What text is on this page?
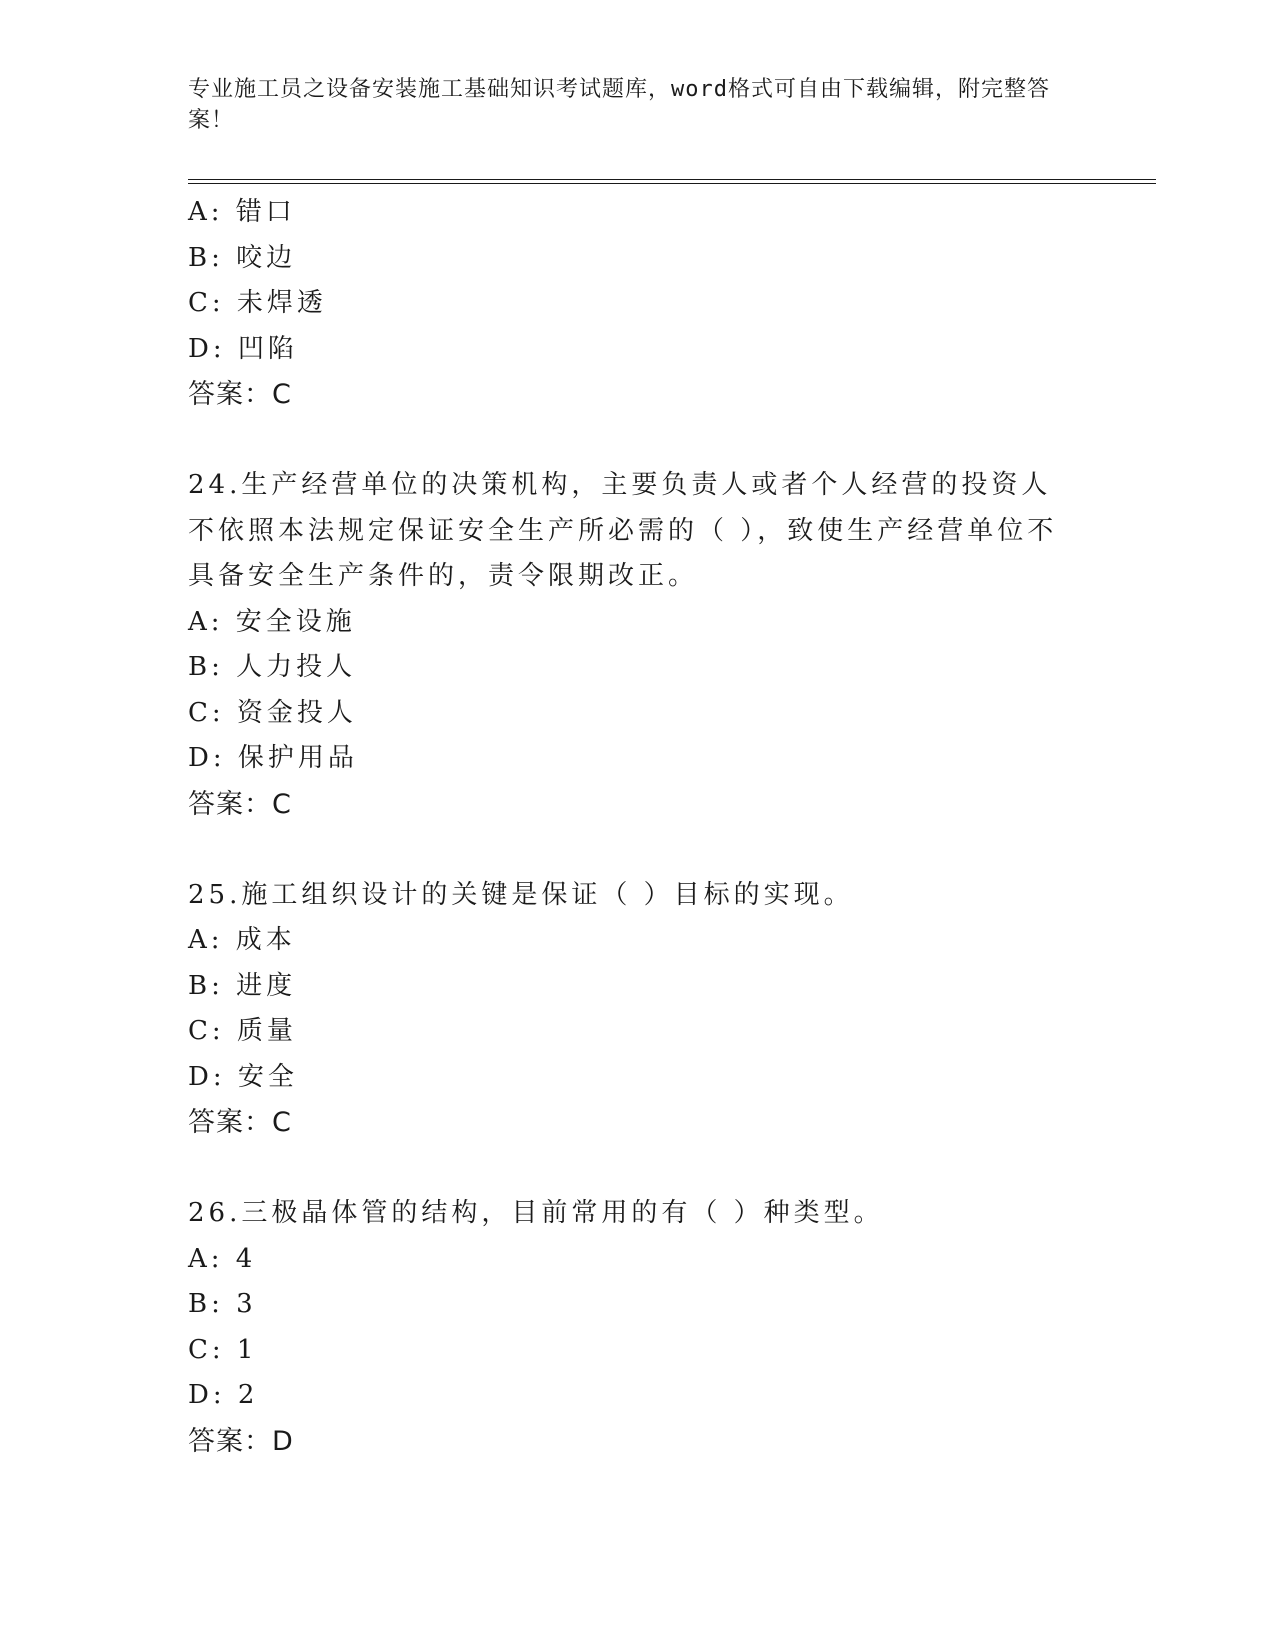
专业施工员之设备安装施工基础知识考试题库，word格式可自由下载编辑，附完整答案！
A: 错口
B: 咬边
C: 未焊透
D: 凹陷
答案：C
24.生产经营单位的决策机构，主要负责人或者个人经营的投资人不依照本法规定保证安全生产所必需的（ ），致使生产经营单位不具备安全生产条件的，责令限期改正。
A: 安全设施
B: 人力投人
C: 资金投人
D: 保护用品
答案：C
25.施工组织设计的关键是保证（ ）目标的实现。
A: 成本
B: 进度
C: 质量
D: 安全
答案：C
26.三极晶体管的结构，目前常用的有（ ）种类型。
A: 4
B: 3
C: 1
D: 2
答案：D
